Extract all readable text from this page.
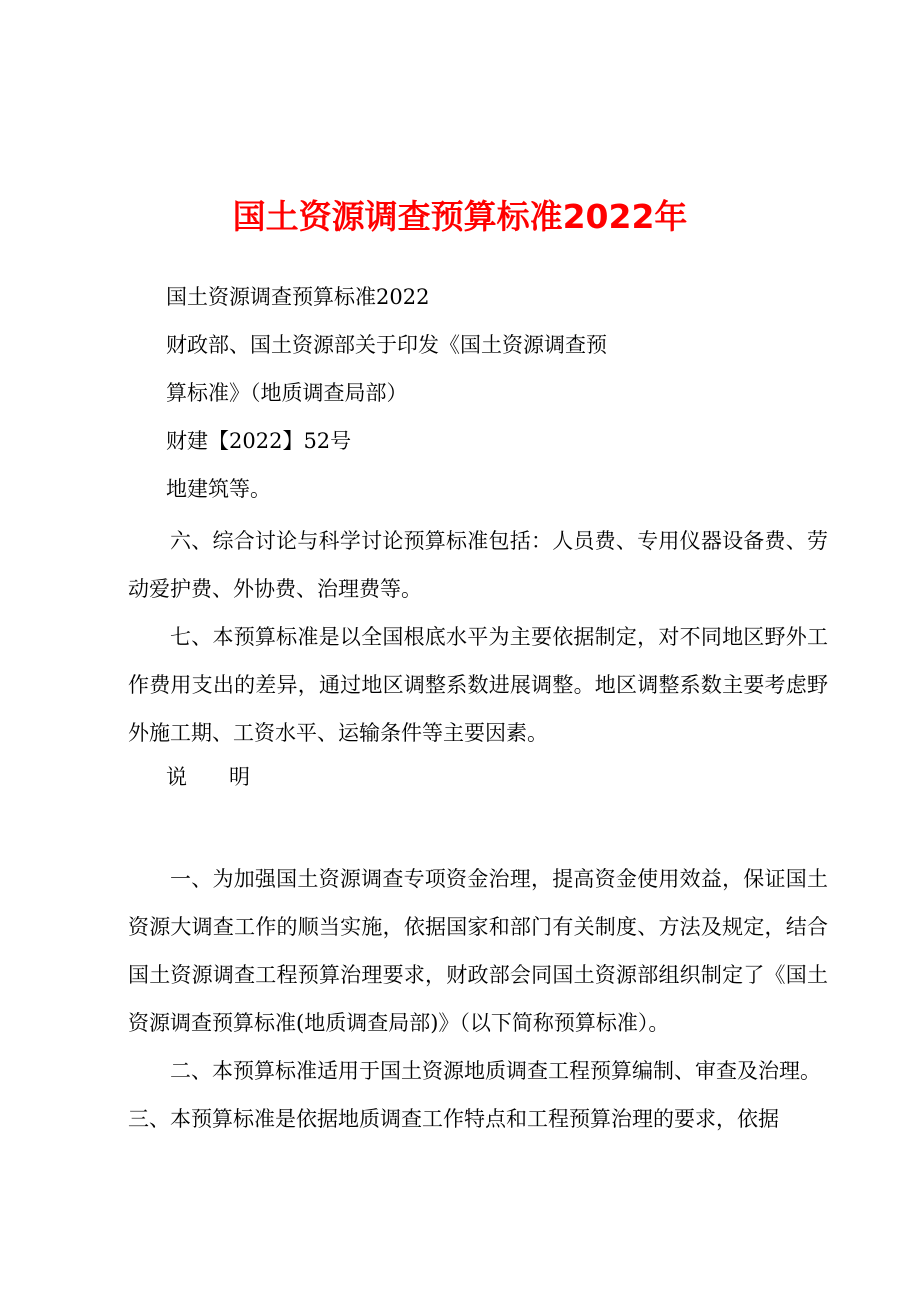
国土资源调查预算标准2022年
国土资源调查预算标准2022
财政部、国土资源部关于印发《国土资源调查预
算标准》（地质调查局部）
财建【2022】52号
地建筑等。
六、综合讨论与科学讨论预算标准包括：人员费、专用仪器设备费、劳动爱护费、外协费、治理费等。
七、本预算标准是以全国根底水平为主要依据制定，对不同地区野外工作费用支出的差异，通过地区调整系数进展调整。地区调整系数主要考虑野外施工期、工资水平、运输条件等主要因素。
说　　明
一、为加强国土资源调查专项资金治理，提高资金使用效益，保证国土资源大调查工作的顺当实施，依据国家和部门有关制度、方法及规定，结合国土资源调查工程预算治理要求，财政部会同国土资源部组织制定了《国土资源调查预算标准(地质调查局部)》（以下简称预算标准）。
二、本预算标准适用于国土资源地质调查工程预算编制、审查及治理。
三、本预算标准是依据地质调查工作特点和工程预算治理的要求，依据
